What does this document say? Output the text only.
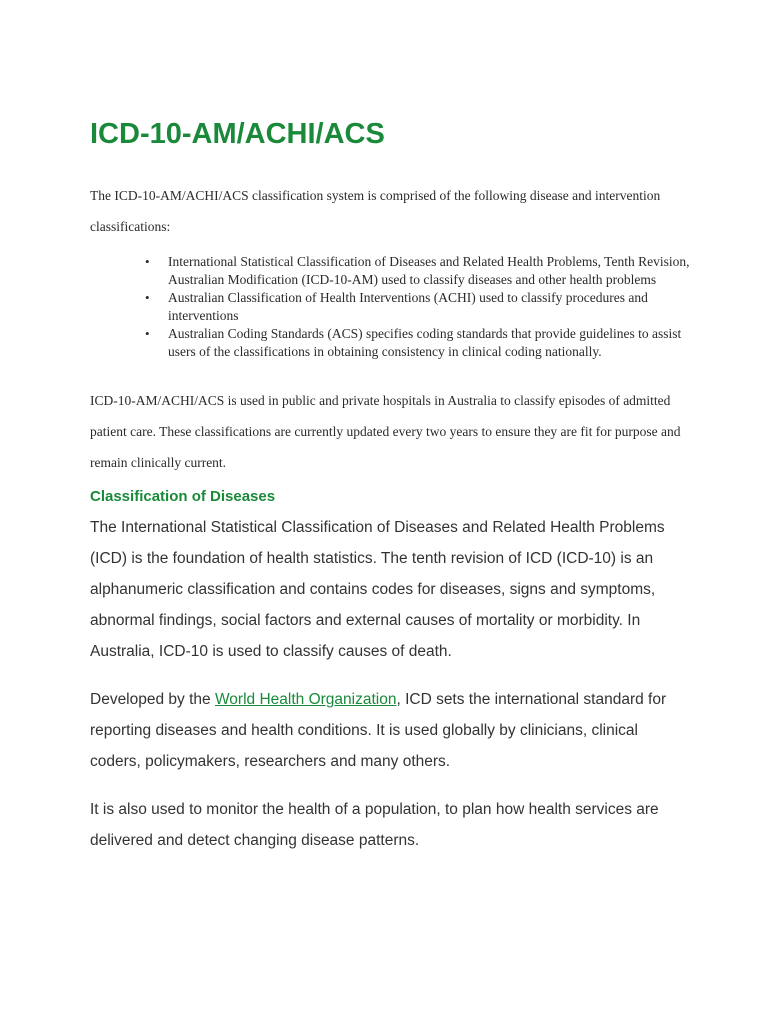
ICD-10-AM/ACHI/ACS

The ICD-10-AM/ACHI/ACS classification system is comprised of the following disease and intervention classifications:

• International Statistical Classification of Diseases and Related Health Problems, Tenth Revision, Australian Modification (ICD-10-AM) used to classify diseases and other health problems
• Australian Classification of Health Interventions (ACHI) used to classify procedures and interventions
• Australian Coding Standards (ACS) specifies coding standards that provide guidelines to assist users of the classifications in obtaining consistency in clinical coding nationally.

ICD-10-AM/ACHI/ACS is used in public and private hospitals in Australia to classify episodes of admitted patient care. These classifications are currently updated every two years to ensure they are fit for purpose and remain clinically current.

Classification of Diseases

The International Statistical Classification of Diseases and Related Health Problems (ICD) is the foundation of health statistics. The tenth revision of ICD (ICD-10) is an alphanumeric classification and contains codes for diseases, signs and symptoms, abnormal findings, social factors and external causes of mortality or morbidity. In Australia, ICD-10 is used to classify causes of death.

Developed by the World Health Organization, ICD sets the international standard for reporting diseases and health conditions. It is used globally by clinicians, clinical coders, policymakers, researchers and many others.

It is also used to monitor the health of a population, to plan how health services are delivered and detect changing disease patterns.
